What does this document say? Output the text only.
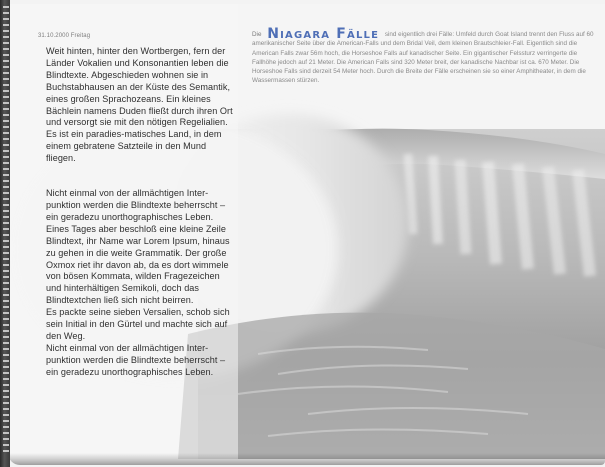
31.10.2000 Freitag

Weit hinten, hinter den Wortbergen, fern der Länder Vokalien und Konsonantien leben die Blindtexte. Abgeschieden wohnen sie in Buchstabhausen an der Küste des Semantik, eines großen Sprachozeans. Ein kleines Bächlein namens Duden fließt durch ihren Ort und versorgt sie mit den nötigen Regelialien. Es ist ein paradies-matisches Land, in dem einem gebratene Satzteile in den Mund fliegen.

Nicht einmal von der allmächtigen Inter-punktion werden die Blindtexte beherrscht – ein geradezu unorthographisches Leben. Eines Tages aber beschloß eine kleine Zeile Blindtext, ihr Name war Lorem Ipsum, hinaus zu gehen in die weite Grammatik. Der große Oxmox riet ihr davon ab, da es dort wimmele von bösen Kommata, wilden Fragezeichen und hinterhältigen Semikoli, doch das Blindtextchen ließ sich nicht beirren.

Es packte seine sieben Versalien, schob sich sein Initial in den Gürtel und machte sich auf den Weg.

Nicht einmal von der allmächtigen Inter-punktion werden die Blindtexte beherrscht – ein geradezu unorthographisches Leben.

Die Niagara Fälle sind eigentlich drei Fälle: Umfeld durch Goat Island trennt den Fluss auf 60 amerikanischer Seite über die American-Falls und dem Bridal Veil, dem kleinen Brautschleier-Fall. Eigentlich sind die American Falls zwar 56m hoch, die Horseshoe Falls auf kanadischer Seite. Ein gigantischer Felssturz verringerte die Fallhöhe jedoch auf 21 Meter. Die American Falls sind 320 Meter breit, der kanadische Nachbar ist ca. 670 Meter. Die Horseshoe Falls sind derzeit 54 Meter hoch. Durch die Breite der Fälle erscheinen sie so einer Amphitheater, in dem die Wassermassen stürzen.
